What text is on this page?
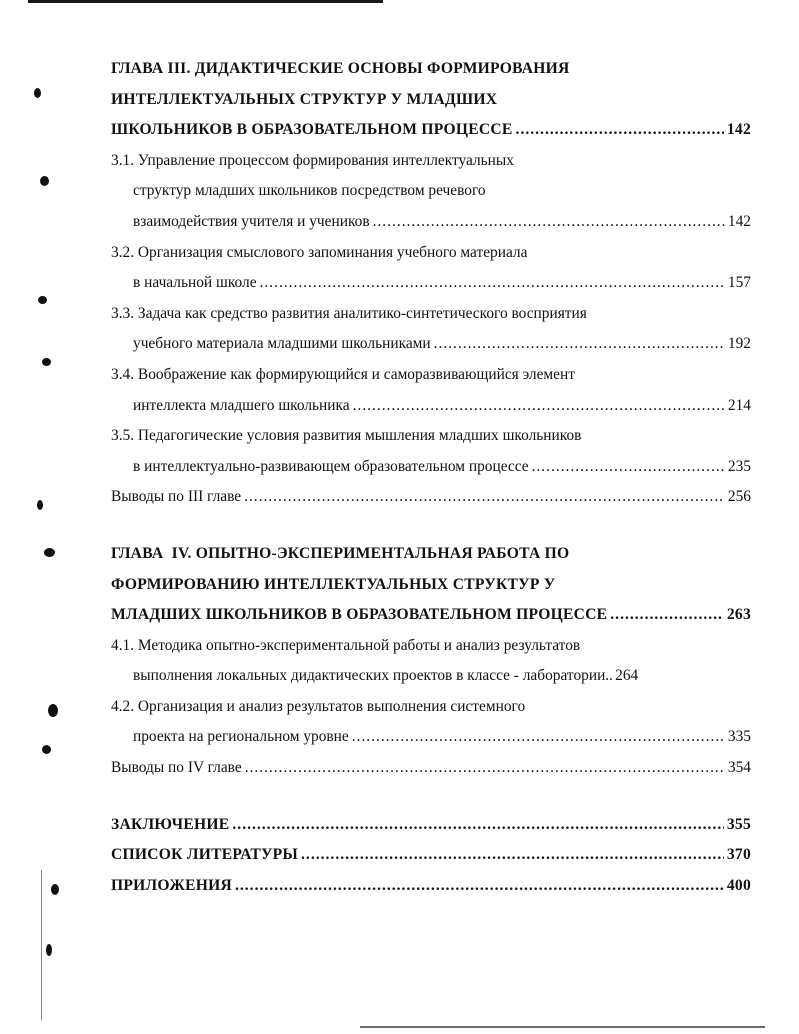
ГЛАВА III. ДИДАКТИЧЕСКИЕ ОСНОВЫ ФОРМИРОВАНИЯ
ИНТЕЛЛЕКТУАЛЬНЫХ СТРУКТУР У МЛАДШИХ
ШКОЛЬНИКОВ В ОБРАЗОВАТЕЛЬНОМ ПРОЦЕССЕ .....	142
3.1. Управление процессом формирования интеллектуальных
структур младших школьников посредством речевого
взаимодействия учителя и учеников .....	142
3.2. Организация смыслового запоминания учебного материала
в начальной школе .....	157
3.3. Задача как средство развития аналитико-синтетического восприятия
учебного материала младшими школьниками .....	192
3.4. Воображение как формирующийся и саморазвивающийся элемент
интеллекта младшего школьника .....	214
3.5. Педагогические условия развития мышления младших школьников
в интеллектуально-развивающем образовательном процессе .....	235
Выводы по III главе .....	256
ГЛАВА  IV. ОПЫТНО-ЭКСПЕРИМЕНТАЛЬНАЯ РАБОТА ПО
ФОРМИРОВАНИЮ ИНТЕЛЛЕКТУАЛЬНЫХ СТРУКТУР У
МЛАДШИХ ШКОЛЬНИКОВ В ОБРАЗОВАТЕЛЬНОМ ПРОЦЕССЕ .....	263
4.1. Методика опытно-экспериментальной работы и анализ результатов
выполнения локальных дидактических проектов в классе - лаборатории. ..... 264
4.2. Организация и анализ результатов выполнения системного
проекта на региональном уровне .....	335
Выводы по IV главе .....	354
ЗАКЛЮЧЕНИЕ .....	355
СПИСОК ЛИТЕРАТУРЫ .....	370
ПРИЛОЖЕНИЯ .....	400
